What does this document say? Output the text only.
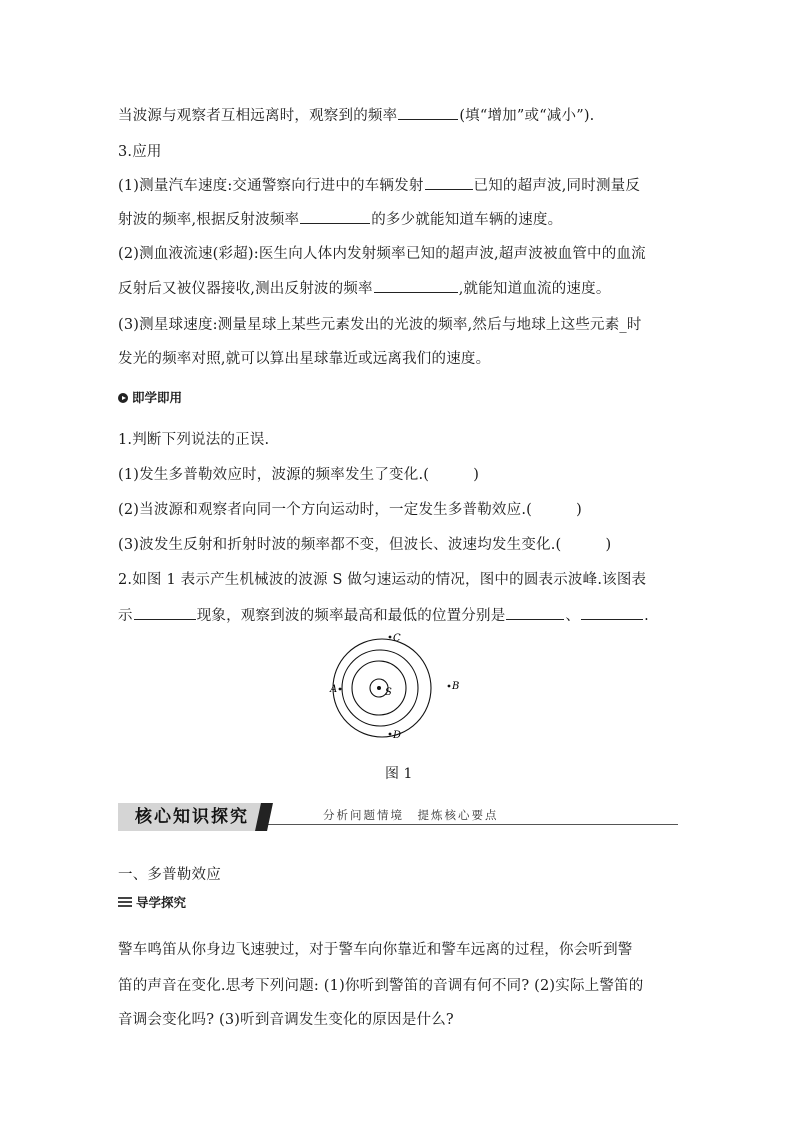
当波源与观察者互相远离时，观察到的频率	(填“增加”或“减小”).
3.应用
(1)测量汽车速度:交通警察向行进中的车辆发射	已知的超声波,同时测量反
射波的频率,根据反射波频率	的多少就能知道车辆的速度。
(2)测血液流速(彩超):医生向人体内发射频率已知的超声波,超声波被血管中的血流
反射后又被仪器接收,测出反射波的频率	,就能知道血流的速度。
(3)测星球速度:测量星球上某些元素发出的光波的频率,然后与地球上这些元素_时
发光的频率对照,就可以算出星球靠近或远离我们的速度。
即学即用
1.判断下列说法的正误.
(1)发生多普勒效应时，波源的频率发生了变化.(　　　)
(2)当波源和观察者向同一个方向运动时，一定发生多普勒效应.(　　　)
(3)波发生反射和折射时波的频率都不变，但波长、波速均发生变化.(　　　)
2.如图 1 表示产生机械波的波源 S 做匀速运动的情况，图中的圆表示波峰.该图表
示	现象，观察到波的频率最高和最低的位置分别是	、	.
C
A	S
B
D
图 1
核心知识探究	分析问题情境　提炼核心要点
一、多普勒效应
导学探究
警车鸣笛从你身边飞速驶过，对于警车向你靠近和警车远离的过程，你会听到警
笛的声音在变化.思考下列问题: (1)你听到警笛的音调有何不同? (2)实际上警笛的
音调会变化吗? (3)听到音调发生变化的原因是什么?
